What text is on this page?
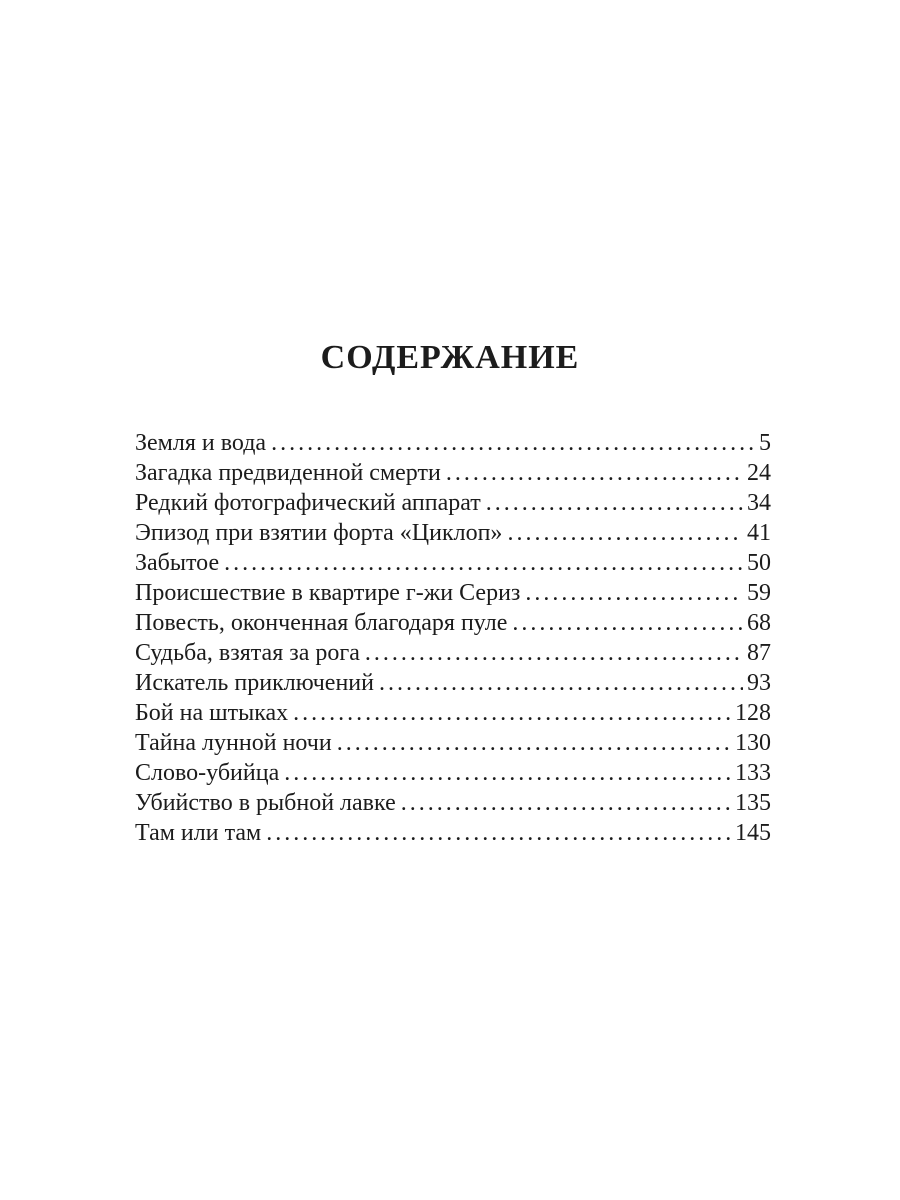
СОДЕРЖАНИЕ
Земля и вода .....	5
Загадка предвиденной смерти .....	24
Редкий фотографический аппарат .....	34
Эпизод при взятии форта «Циклоп» .....	41
Забытое .....	50
Происшествие в квартире г-жи Сериз .....	59
Повесть, оконченная благодаря пуле .....	68
Судьба, взятая за рога .....	87
Искатель приключений .....	93
Бой на штыках .....	128
Тайна лунной ночи .....	130
Слово-убийца .....	133
Убийство в рыбной лавке .....	135
Там или там .....	145
